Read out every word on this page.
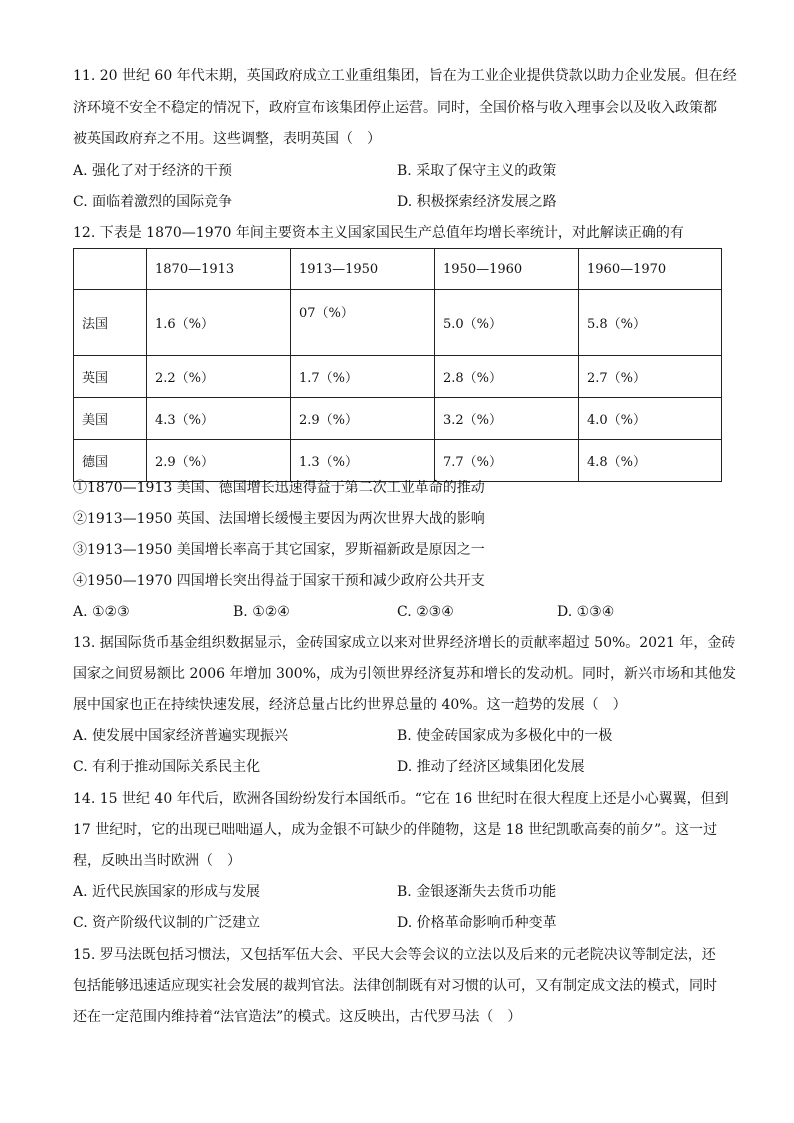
11. 20 世纪 60 年代末期，英国政府成立工业重组集团，旨在为工业企业提供贷款以助力企业发展。但在经
济环境不安全不稳定的情况下，政府宣布该集团停止运营。同时，全国价格与收入理事会以及收入政策都
被英国政府弃之不用。这些调整，表明英国（　）
A. 强化了对于经济的干预	B. 采取了保守主义的政策
C. 面临着激烈的国际竞争	D. 积极探索经济发展之路
12. 下表是 1870—1970 年间主要资本主义国家国民生产总值年均增长率统计，对此解读正确的有
	1870—1913	1913—1950	1950—1960	1960—1970
法国	1.6（%）	07（%）	5.0（%）	5.8（%）
英国	2.2（%）	1.7（%）	2.8（%）	2.7（%）
美国	4.3（%）	2.9（%）	3.2（%）	4.0（%）
德国	2.9（%）	1.3（%）	7.7（%）	4.8（%）
①1870—1913 美国、德国增长迅速得益于第二次工业革命的推动
②1913—1950 英国、法国增长缓慢主要因为两次世界大战的影响
③1913—1950 美国增长率高于其它国家，罗斯福新政是原因之一
④1950—1970 四国增长突出得益于国家干预和减少政府公共开支
A. ①②③	B. ①②④	C. ②③④	D. ①③④
13. 据国际货币基金组织数据显示，金砖国家成立以来对世界经济增长的贡献率超过 50%。2021 年，金砖
国家之间贸易额比 2006 年增加 300%，成为引领世界经济复苏和增长的发动机。同时，新兴市场和其他发
展中国家也正在持续快速发展，经济总量占比约世界总量的 40%。这一趋势的发展（　）
A. 使发展中国家经济普遍实现振兴	B. 使金砖国家成为多极化中的一极
C. 有利于推动国际关系民主化	D. 推动了经济区域集团化发展
14. 15 世纪 40 年代后，欧洲各国纷纷发行本国纸币。“它在 16 世纪时在很大程度上还是小心翼翼，但到
17 世纪时，它的出现已咄咄逼人，成为金银不可缺少的伴随物，这是 18 世纪凯歌高奏的前夕”。这一过
程，反映出当时欧洲（　）
A. 近代民族国家的形成与发展	B. 金银逐渐失去货币功能
C. 资产阶级代议制的广泛建立	D. 价格革命影响币种变革
15. 罗马法既包括习惯法，又包括军伍大会、平民大会等会议的立法以及后来的元老院决议等制定法，还
包括能够迅速适应现实社会发展的裁判官法。法律创制既有对习惯的认可，又有制定成文法的模式，同时
还在一定范围内维持着“法官造法”的模式。这反映出，古代罗马法（　）
